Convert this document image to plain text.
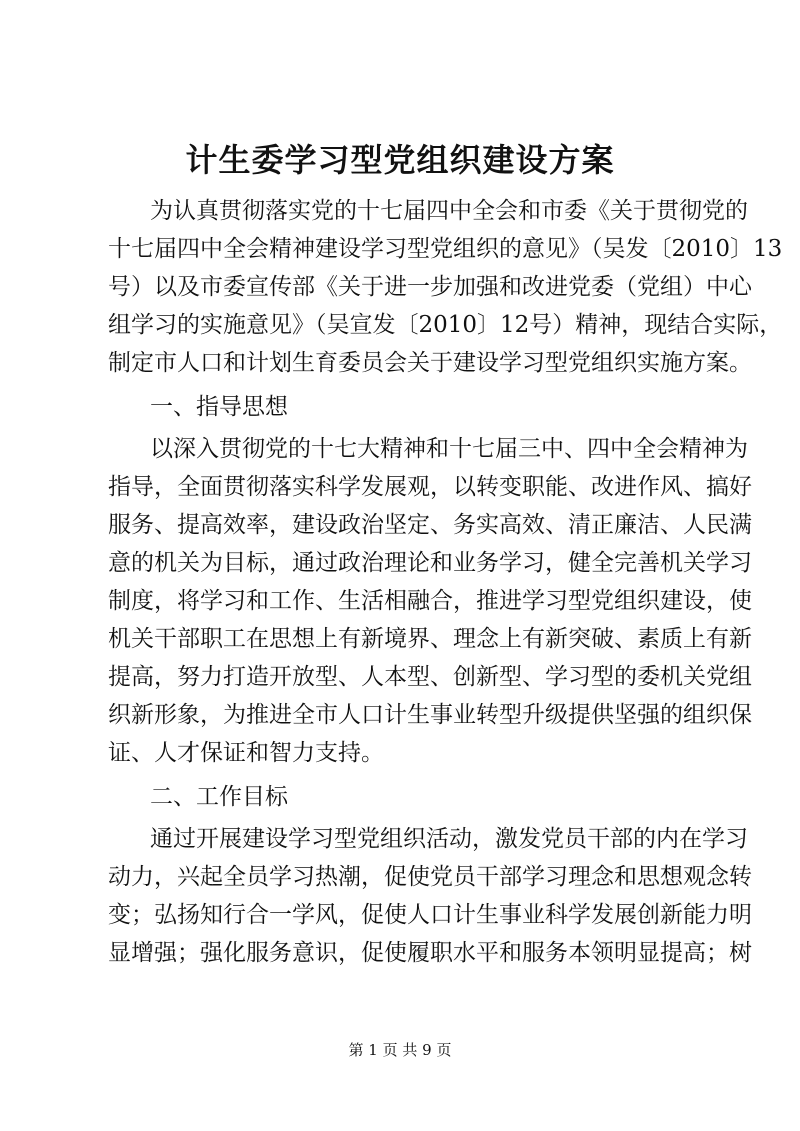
计生委学习型党组织建设方案
为认真贯彻落实党的十七届四中全会和市委《关于贯彻党的
十七届四中全会精神建设学习型党组织的意见》（吴发〔2010〕13
号）以及市委宣传部《关于进一步加强和改进党委（党组）中心
组学习的实施意见》（吴宣发〔2010〕12号）精神，现结合实际，
制定市人口和计划生育委员会关于建设学习型党组织实施方案。
一、指导思想
以深入贯彻党的十七大精神和十七届三中、四中全会精神为
指导，全面贯彻落实科学发展观，以转变职能、改进作风、搞好
服务、提高效率，建设政治坚定、务实高效、清正廉洁、人民满
意的机关为目标，通过政治理论和业务学习，健全完善机关学习
制度，将学习和工作、生活相融合，推进学习型党组织建设，使
机关干部职工在思想上有新境界、理念上有新突破、素质上有新
提高，努力打造开放型、人本型、创新型、学习型的委机关党组
织新形象，为推进全市人口计生事业转型升级提供坚强的组织保
证、人才保证和智力支持。
二、工作目标
通过开展建设学习型党组织活动，激发党员干部的内在学习
动力，兴起全员学习热潮，促使党员干部学习理念和思想观念转
变；弘扬知行合一学风，促使人口计生事业科学发展创新能力明
显增强；强化服务意识，促使履职水平和服务本领明显提高；树
第 1 页 共 9 页
